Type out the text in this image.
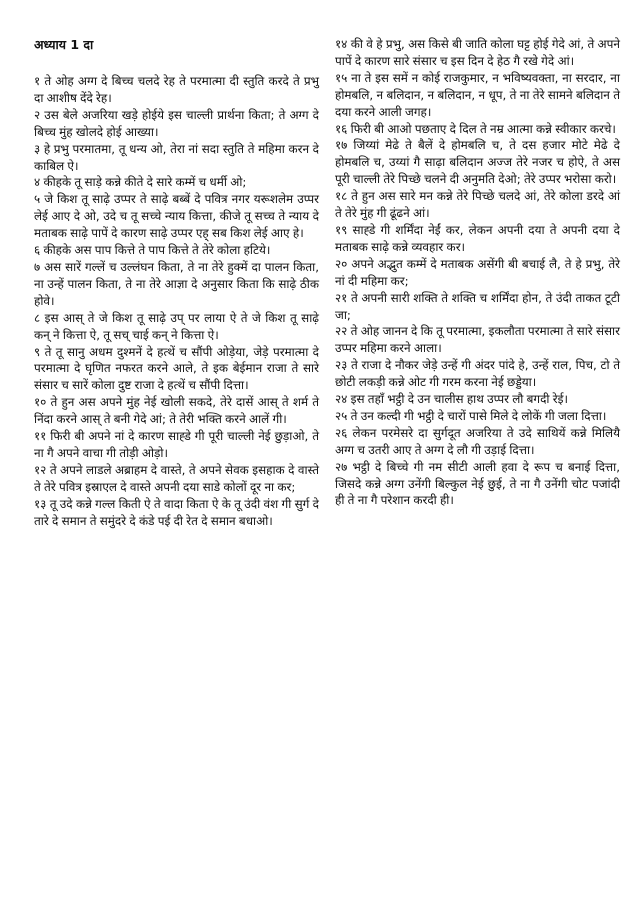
अध्याय 1 दा

१ ते ओह अग्ग दे बिच्च चलदे रेह ते परमात्मा दी स्तुति करदे ते प्रभु दा आशीष देंदे रेह।

२ उस बेले अजरिया खड़े होईये इस चाल्ली प्रार्थना किता; ते अग्ग दे बिच्च मुंह खोलदे होई आख्या।

३ हे प्रभु परमातमा, तू धन्य ओ, तेरा नां सदा स्तुति ते महिमा करन दे काबिल ऐ।

४ कीहके तू साड़े कन्ने कीते दे सारे कम्में च धर्मी ओ;

५ जे किश तू साढ़े उप्पर ते साढ़े बब्बें दे पवित्र नगर यरूशलेम उप्पर लेई आए दे ओ, उदे च तू सच्चे न्याय कित्ता, कीजे तू सच्च ते न्याय दे मताबक साढ़े पापें दे कारण साढ़े उप्पर एह् सब किश लेई आए हे।

६ कीहके अस पाप कित्ते ते पाप कित्ते ते तेरे कोला हटिये।

७ अस सारें गल्लें च उल्लंघन किता, ते ना तेरे हुक्में दा पालन किता, ना उन्हें पालन किता, ते ना तेरे आज्ञा दे अनुसार किता कि साढ़े ठीक होवे।

८ इस आस् ते जे किश तू साढ़े उप् पर लाया ऐ ते जे किश तू साढ़े कन् ने कित्ता ऐ, तू सच् चाई कन् ने कित्ता ऐ।

९ ते तू सानु अधम दुश्मनें दे हत्थें च सौंपी ओड़ेया, जेड़े परमात्मा दे परमात्मा दे घृणित नफरत करने आले, ते इक बेईमान राजा ते सारे संसार च सारें कोला दुष्ट राजा दे हत्थें च सौंपी दित्ता।

१० ते हुन अस अपने मुंह नेई खोली सकदे, तेरे दासें आस् ते शर्म ते निंदा करने आस् ते बनी गेदे आं; ते तेरी भक्ति करने आलें गी।

११ फिरी बी अपने नां दे कारण साह्डे गी पूरी चाल्ली नेई छुड़ाओ, ते ना गै अपने वाचा गी तोड़ी ओड़ो।

१२ ते अपने लाडले अब्राहम दे वास्ते, ते अपने सेवक इसहाक दे वास्ते ते तेरे पवित्र इस्राएल दे वास्ते अपनी दया साडे कोलों दूर ना कर;

१३ तू उदे कन्ने गल्ल किती ऐ ते वादा किता ऐ के तू उंदी वंश गी सुर्ग दे तारे दे समान ते समुंदरे दे कंडे पई दी रेत दे समान बधाओ।

१४ की वे हे प्रभु, अस किसे बी जाति कोला घट्ट होई गेदे आं, ते अपने पापें दे कारण सारे संसार च इस दिन दे हेठ गै रखे गेदे आं।

१५ ना ते इस समें न कोई राजकुमार, न भविष्यवक्ता, ना सरदार, ना होमबलि, न बलिदान, न बलिदान, न धूप, ते ना तेरे सामने बलिदान ते दया करने आली जगह।

१६ फिरी बी आओ पछताए दे दिल ते नम्र आत्मा कन्ने स्वीकार करचे।

१७ जिय्यां मेढे ते बैलें दे होमबलि च, ते दस हजार मोटे मेढे दे होमबलि च, उय्यां गै साढ़ा बलिदान अज्ज तेरे नजर च होऐ, ते अस पूरी चाल्ली तेरे पिच्छे चलने दी अनुमति देओ; तेरे उप्पर भरोसा करो।

१८ ते हुन अस सारे मन कन्ने तेरे पिच्छे चलदे आं, तेरे कोला डरदे आं ते तेरे मुंह गी ढूंढने आं।

१९ साह्डे गी शर्मिंदा नेईं कर, लेकन अपनी दया ते अपनी दया दे मताबक साढ़े कन्ने व्यवहार कर।

२० अपने अद्भुत कम्में दे मताबक असेंगी बी बचाई लै, ते हे प्रभु, तेरे नां दी महिमा कर;

२१ ते अपनी सारी शक्ति ते शक्ति च शर्मिंदा होन, ते उंदी ताकत टूटी जा;

२२ ते ओह जानन दे कि तू परमात्मा, इकलौता परमात्मा ते सारे संसार उप्पर महिमा करने आला।

२३ ते राजा दे नौकर जेड़े उन्हें गी अंदर पांदे हे, उन्हें राल, पिच, टो ते छोटी लकड़ी कन्ने ओट गी गरम करना नेई छड्डेया।

२४ इस तहाँ भट्ठी दे उन चालीस हाथ उप्पर लौ बगदी रेई।

२५ ते उन कल्दी गी भट्ठी दे चारों पासे मिले दे लोकें गी जला दित्ता।

२६ लेकन परमेसरे दा सुर्गदूत अजरिया ते उदे साथियें कन्ने मिलियै अग्ग च उतरी आए ते अग्ग दे लौ गी उड़ाई दित्ता।

२७ भट्ठी दे बिच्चे गी नम सीटी आली हवा दे रूप च बनाई दित्ता, जिसदे कन्ने अग्ग उनेंगी बिल्कुल नेई छुई, ते ना गै उनेंगी चोट पजांदी ही ते ना गै परेशान करदी ही।
